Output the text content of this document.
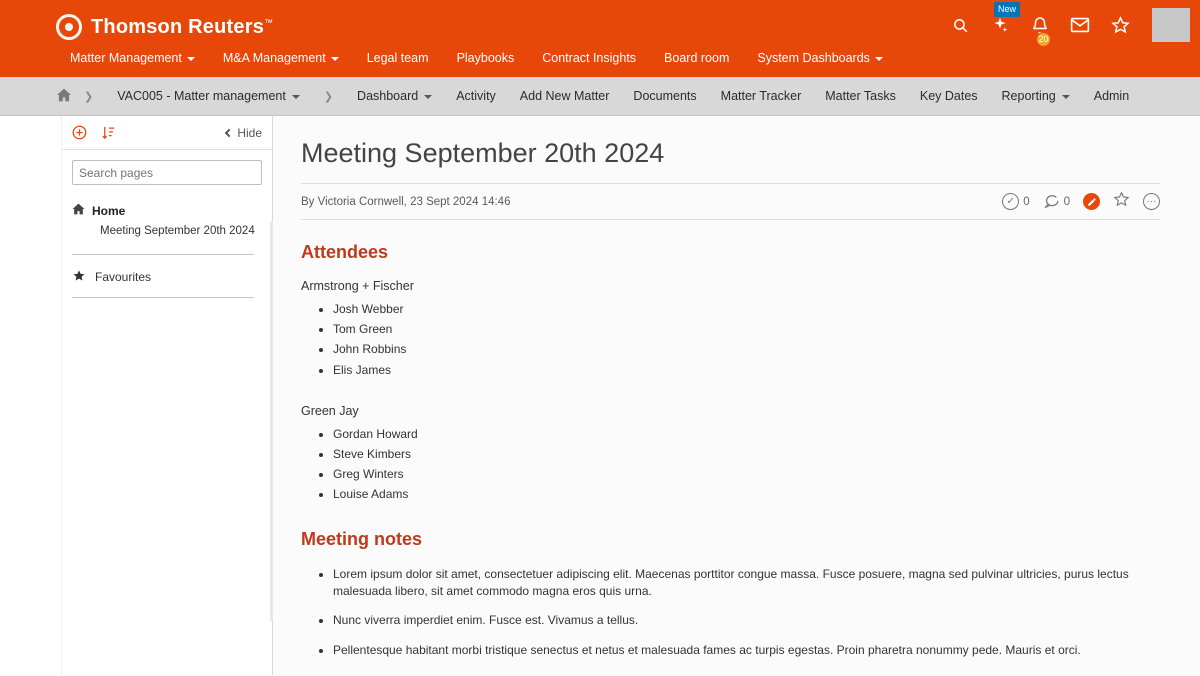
Thomson Reuters™
New
20
Matter Management	M&A Management	Legal team	Playbooks	Contract Insights	Board room	System Dashboards
❯	VAC005 - Matter management	❯	Dashboard	Activity	Add New Matter	Documents	Matter Tracker	Matter Tasks	Key Dates	Reporting	Admin
Hide
Search pages
Home
Meeting September 20th 2024
Favourites
Meeting September 20th 2024
By Victoria Cornwell, 23 Sept 2024 14:46	✓ 0	0	···
Attendees

Armstrong + Fischer

• Josh Webber
• Tom Green
• John Robbins
• Elis James

Green Jay

• Gordan Howard
• Steve Kimbers
• Greg Winters
• Louise Adams
Meeting notes
• Lorem ipsum dolor sit amet, consectetuer adipiscing elit. Maecenas porttitor congue massa. Fusce posuere, magna sed pulvinar ultricies, purus lectus malesuada libero, sit amet commodo magna eros quis urna.
• Nunc viverra imperdiet enim. Fusce est. Vivamus a tellus.
• Pellentesque habitant morbi tristique senectus et netus et malesuada fames ac turpis egestas. Proin pharetra nonummy pede. Mauris et orci.
